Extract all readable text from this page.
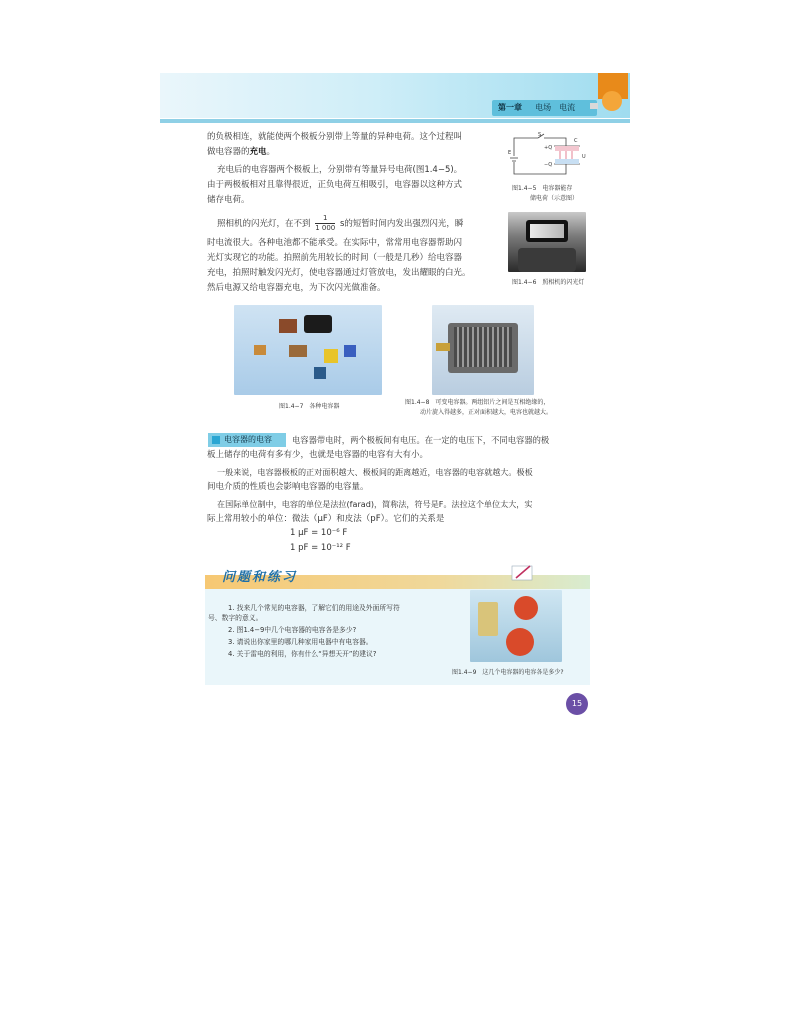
第一章 　 电场　电流
的负极相连，就能使两个极板分别带上等量的异种电荷。这个过程叫
做电容器的充电。
充电后的电容器两个极板上，分别带有等量异号电荷(图1.4−5)。
由于两极板相对且靠得很近，正负电荷互相吸引，电容器以这种方式
储存电荷。
照相机的闪光灯，在不到 $\frac{1}{1 000}$ s的短暂时间内发出强烈闪光，瞬
时电流很大。各种电池都不能承受。在实际中，常常用电容器帮助闪
光灯实现它的功能。拍照前先用较长的时间（一般是几秒）给电容器
充电，拍照时触发闪光灯，使电容器通过灯管放电，发出耀眼的白光。
然后电源又给电容器充电，为下次闪光做准备。
S
C
E
U
+Q
−Q
图1.4−5　电容器能存
储电荷（示意图）
图1.4−6　照相机的闪光灯
图1.4−7　各种电容器
图1.4−8　可变电容器。两组铝片之间是互相绝缘的，
动片旋入得越多，正对面积越大，电容也就越大。
电容器的电容	电容器带电时，两个极板间有电压。在一定的电压下，不同电容器的极
板上储存的电荷有多有少，也就是电容器的电容有大有小。
一般来说，电容器极板的正对面积越大、极板间的距离越近，电容器的电容就越大。极板
间电介质的性质也会影响电容器的电容量。
在国际单位制中，电容的单位是法拉(farad)，简称法，符号是F。法拉这个单位太大，实
际上常用较小的单位：微法（μF）和皮法（pF）。它们的关系是
1 μF = 10⁻⁶ F
1 pF = 10⁻¹² F
问题和练习
1. 找来几个常见的电容器，了解它们的用途及外面所写符
号、数字的意义。
2. 图1.4−9中几个电容器的电容各是多少?
3. 请说出你家里的哪几种家用电器中有电容器。
4. 关于雷电的利用，你有什么“异想天开”的建议?
图1.4−9　这几个电容器的电容各是多少?
15
